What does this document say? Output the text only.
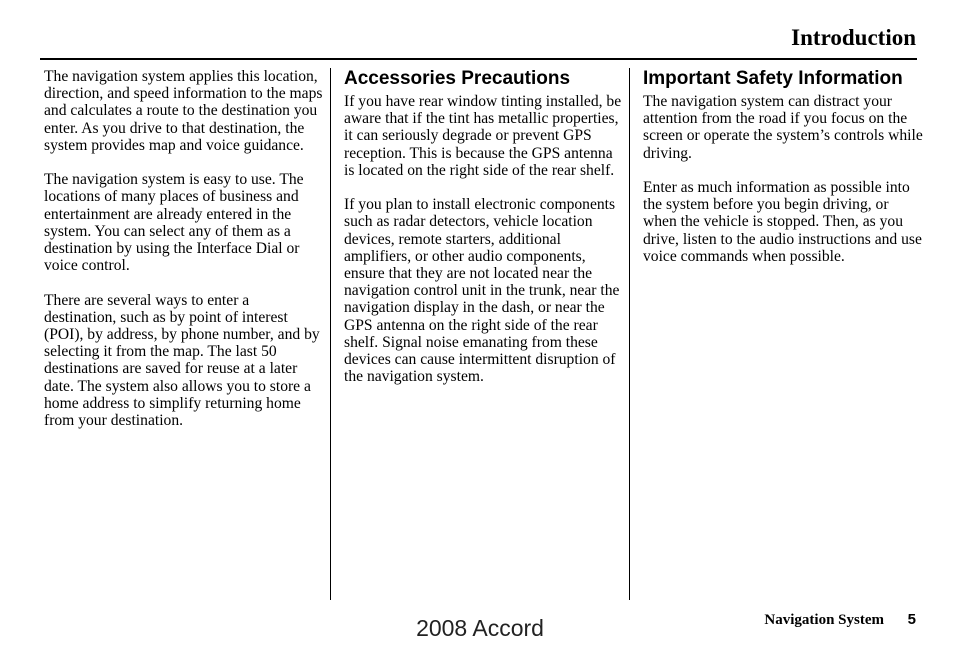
Introduction

The navigation system applies this location, direction, and speed information to the maps and calculates a route to the destination you enter. As you drive to that destination, the system provides map and voice guidance.

The navigation system is easy to use. The locations of many places of business and entertainment are already entered in the system. You can select any of them as a destination by using the Interface Dial or voice control.

There are several ways to enter a destination, such as by point of interest (POI), by address, by phone number, and by selecting it from the map. The last 50 destinations are saved for reuse at a later date. The system also allows you to store a home address to simplify returning home from your destination.

Accessories Precautions

If you have rear window tinting installed, be aware that if the tint has metallic properties, it can seriously degrade or prevent GPS reception. This is because the GPS antenna is located on the right side of the rear shelf.

If you plan to install electronic components such as radar detectors, vehicle location devices, remote starters, additional amplifiers, or other audio components, ensure that they are not located near the navigation control unit in the trunk, near the navigation display in the dash, or near the GPS antenna on the right side of the rear shelf. Signal noise emanating from these devices can cause intermittent disruption of the navigation system.

Important Safety Information

The navigation system can distract your attention from the road if you focus on the screen or operate the system’s controls while driving.

Enter as much information as possible into the system before you begin driving, or when the vehicle is stopped. Then, as you drive, listen to the audio instructions and use voice commands when possible.

Navigation System 5
2008 Accord
